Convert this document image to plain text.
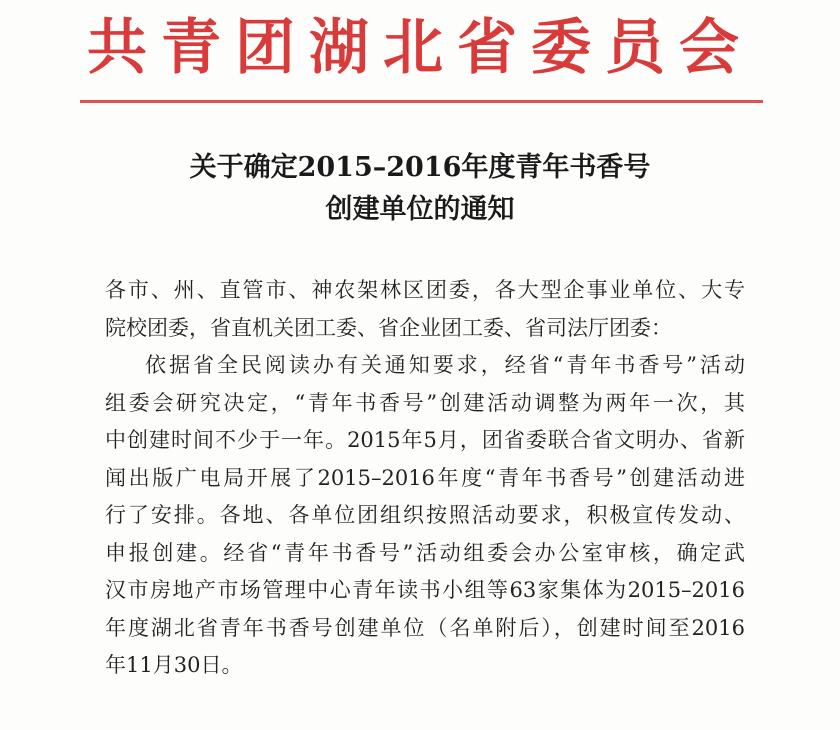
共青团湖北省委员会
关于确定2015–2016年度青年书香号
创建单位的通知
各市、州、直管市、神农架林区团委，各大型企事业单位、大专
院校团委，省直机关团工委、省企业团工委、省司法厅团委：
依据省全民阅读办有关通知要求，经省“青年书香号”活动
组委会研究决定，“青年书香号”创建活动调整为两年一次，其
中创建时间不少于一年。2015年5月，团省委联合省文明办、省新
闻出版广电局开展了2015–2016年度“青年书香号”创建活动进
行了安排。各地、各单位团组织按照活动要求，积极宣传发动、
申报创建。经省“青年书香号”活动组委会办公室审核，确定武
汉市房地产市场管理中心青年读书小组等63家集体为2015–2016
年度湖北省青年书香号创建单位（名单附后），创建时间至2016
年11月30日。
